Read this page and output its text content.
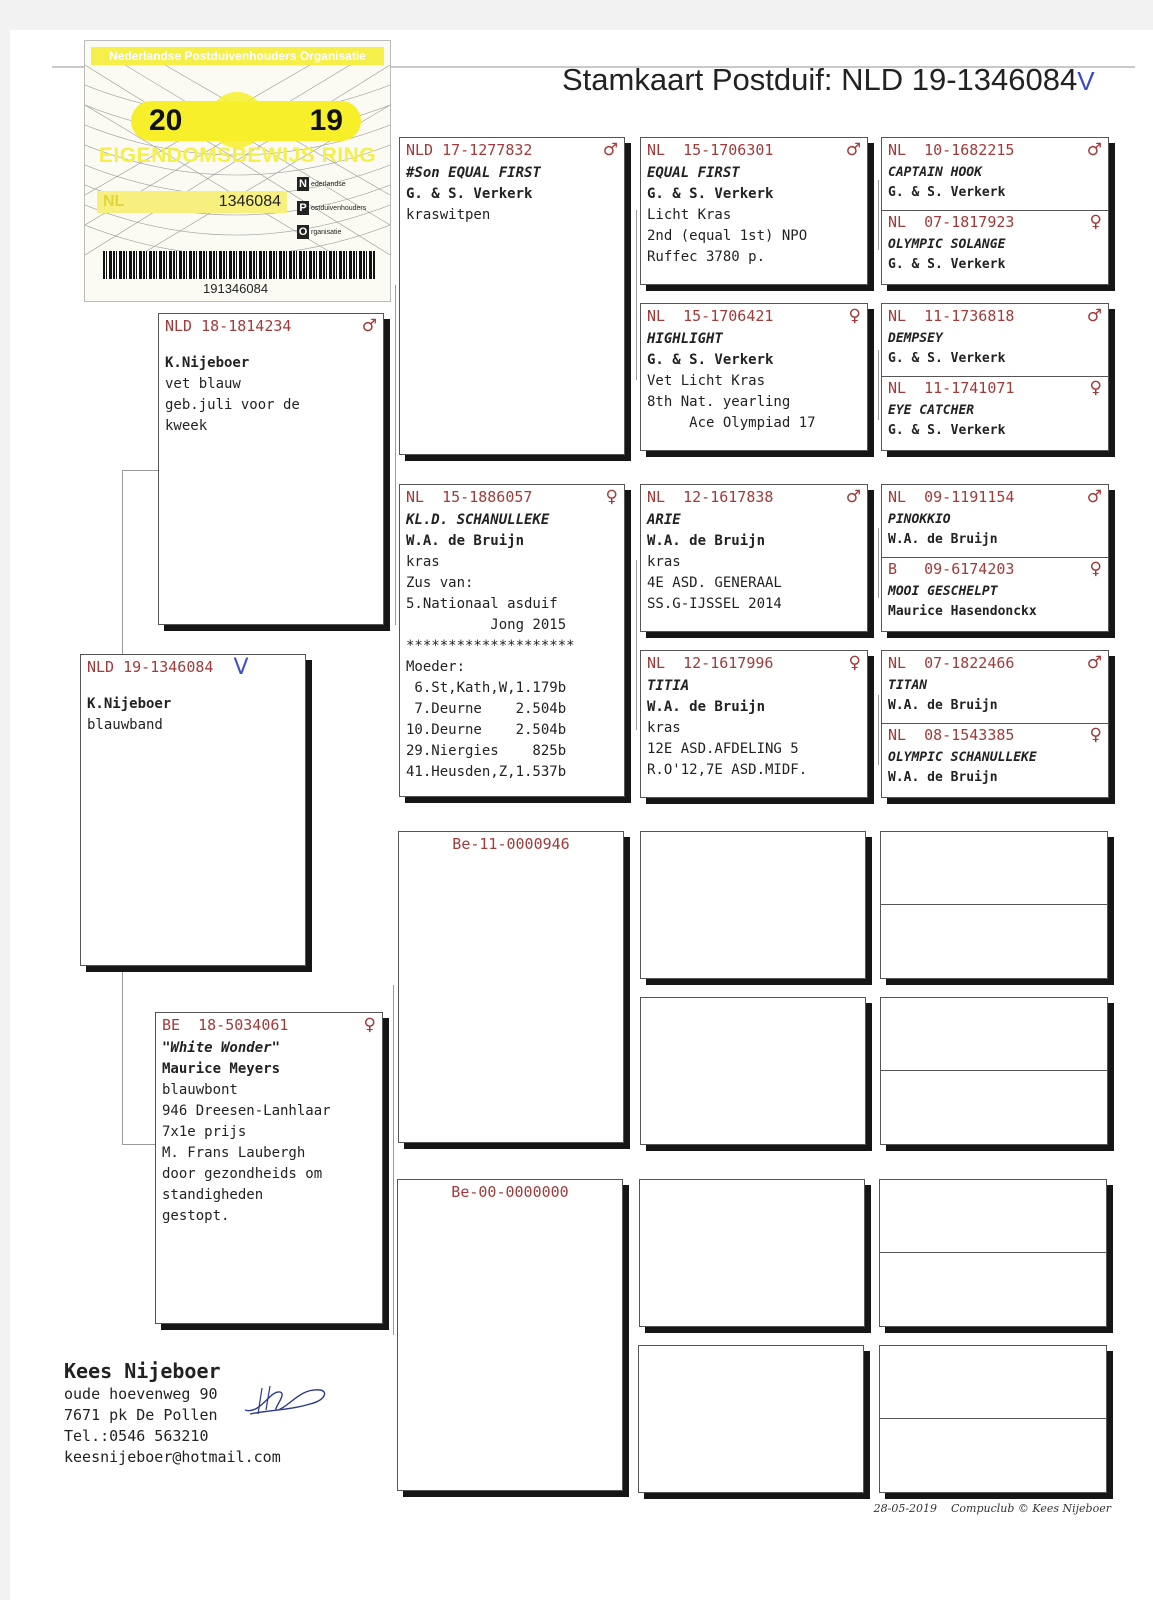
Stamkaart Postduif: NLD 19-1346084V
Nederlandse Postduivenhouders Organisatie
20	19
EIGENDOMSBEWIJS RING
NL	1346084
N ederlandse
P ostduivenhouders
O rganisatie
191346084
NLD 19-1346084 V
K.Nijeboer
blauwband
NLD 18-1814234	♂
K.Nijeboer
vet blauw
geb.juli voor de
kweek
BE  18-5034061	♀
"White Wonder"
Maurice Meyers
blauwbont
946 Dreesen-Lanhlaar
7x1e prijs
M. Frans Laubergh
door gezondheids om
standigheden
gestopt.
NLD 17-1277832	♂
#Son EQUAL FIRST
G. & S. Verkerk
kraswitpen
NL  15-1886057	♀
KL.D. SCHANULLEKE
W.A. de Bruijn
kras
Zus van:
5.Nationaal asduif
Jong 2015
********************
Moeder:
6.St,Kath,W,1.179b
7.Deurne    2.504b
10.Deurne    2.504b
29.Niergies    825b
41.Heusden,Z,1.537b
Be-11-0000946
Be-00-0000000
NL  15-1706301	♂
EQUAL FIRST
G. & S. Verkerk
Licht Kras
2nd (equal 1st) NPO
Ruffec 3780 p.
NL  15-1706421	♀
HIGHLIGHT
G. & S. Verkerk
Vet Licht Kras
8th Nat. yearling
Ace Olympiad 17
NL  12-1617838	♂
ARIE
W.A. de Bruijn
kras
4E ASD. GENERAAL
SS.G-IJSSEL 2014
NL  12-1617996	♀
TITIA
W.A. de Bruijn
kras
12E ASD.AFDELING 5
R.O'12,7E ASD.MIDF.
NL  10-1682215	♂
CAPTAIN HOOK
G. & S. Verkerk
NL  07-1817923	♀
OLYMPIC SOLANGE
G. & S. Verkerk
NL  11-1736818	♂
DEMPSEY
G. & S. Verkerk
NL  11-1741071	♀
EYE CATCHER
G. & S. Verkerk
NL  09-1191154	♂
PINOKKIO
W.A. de Bruijn
B   09-6174203	♀
MOOI GESCHELPT
Maurice Hasendonckx
NL  07-1822466	♂
TITAN
W.A. de Bruijn
NL  08-1543385	♀
OLYMPIC SCHANULLEKE
W.A. de Bruijn
Kees Nijeboer
oude hoevenweg 90
7671 pk De Pollen
Tel.:0546 563210
keesnijeboer@hotmail.com
28-05-2019    Compuclub © Kees Nijeboer
